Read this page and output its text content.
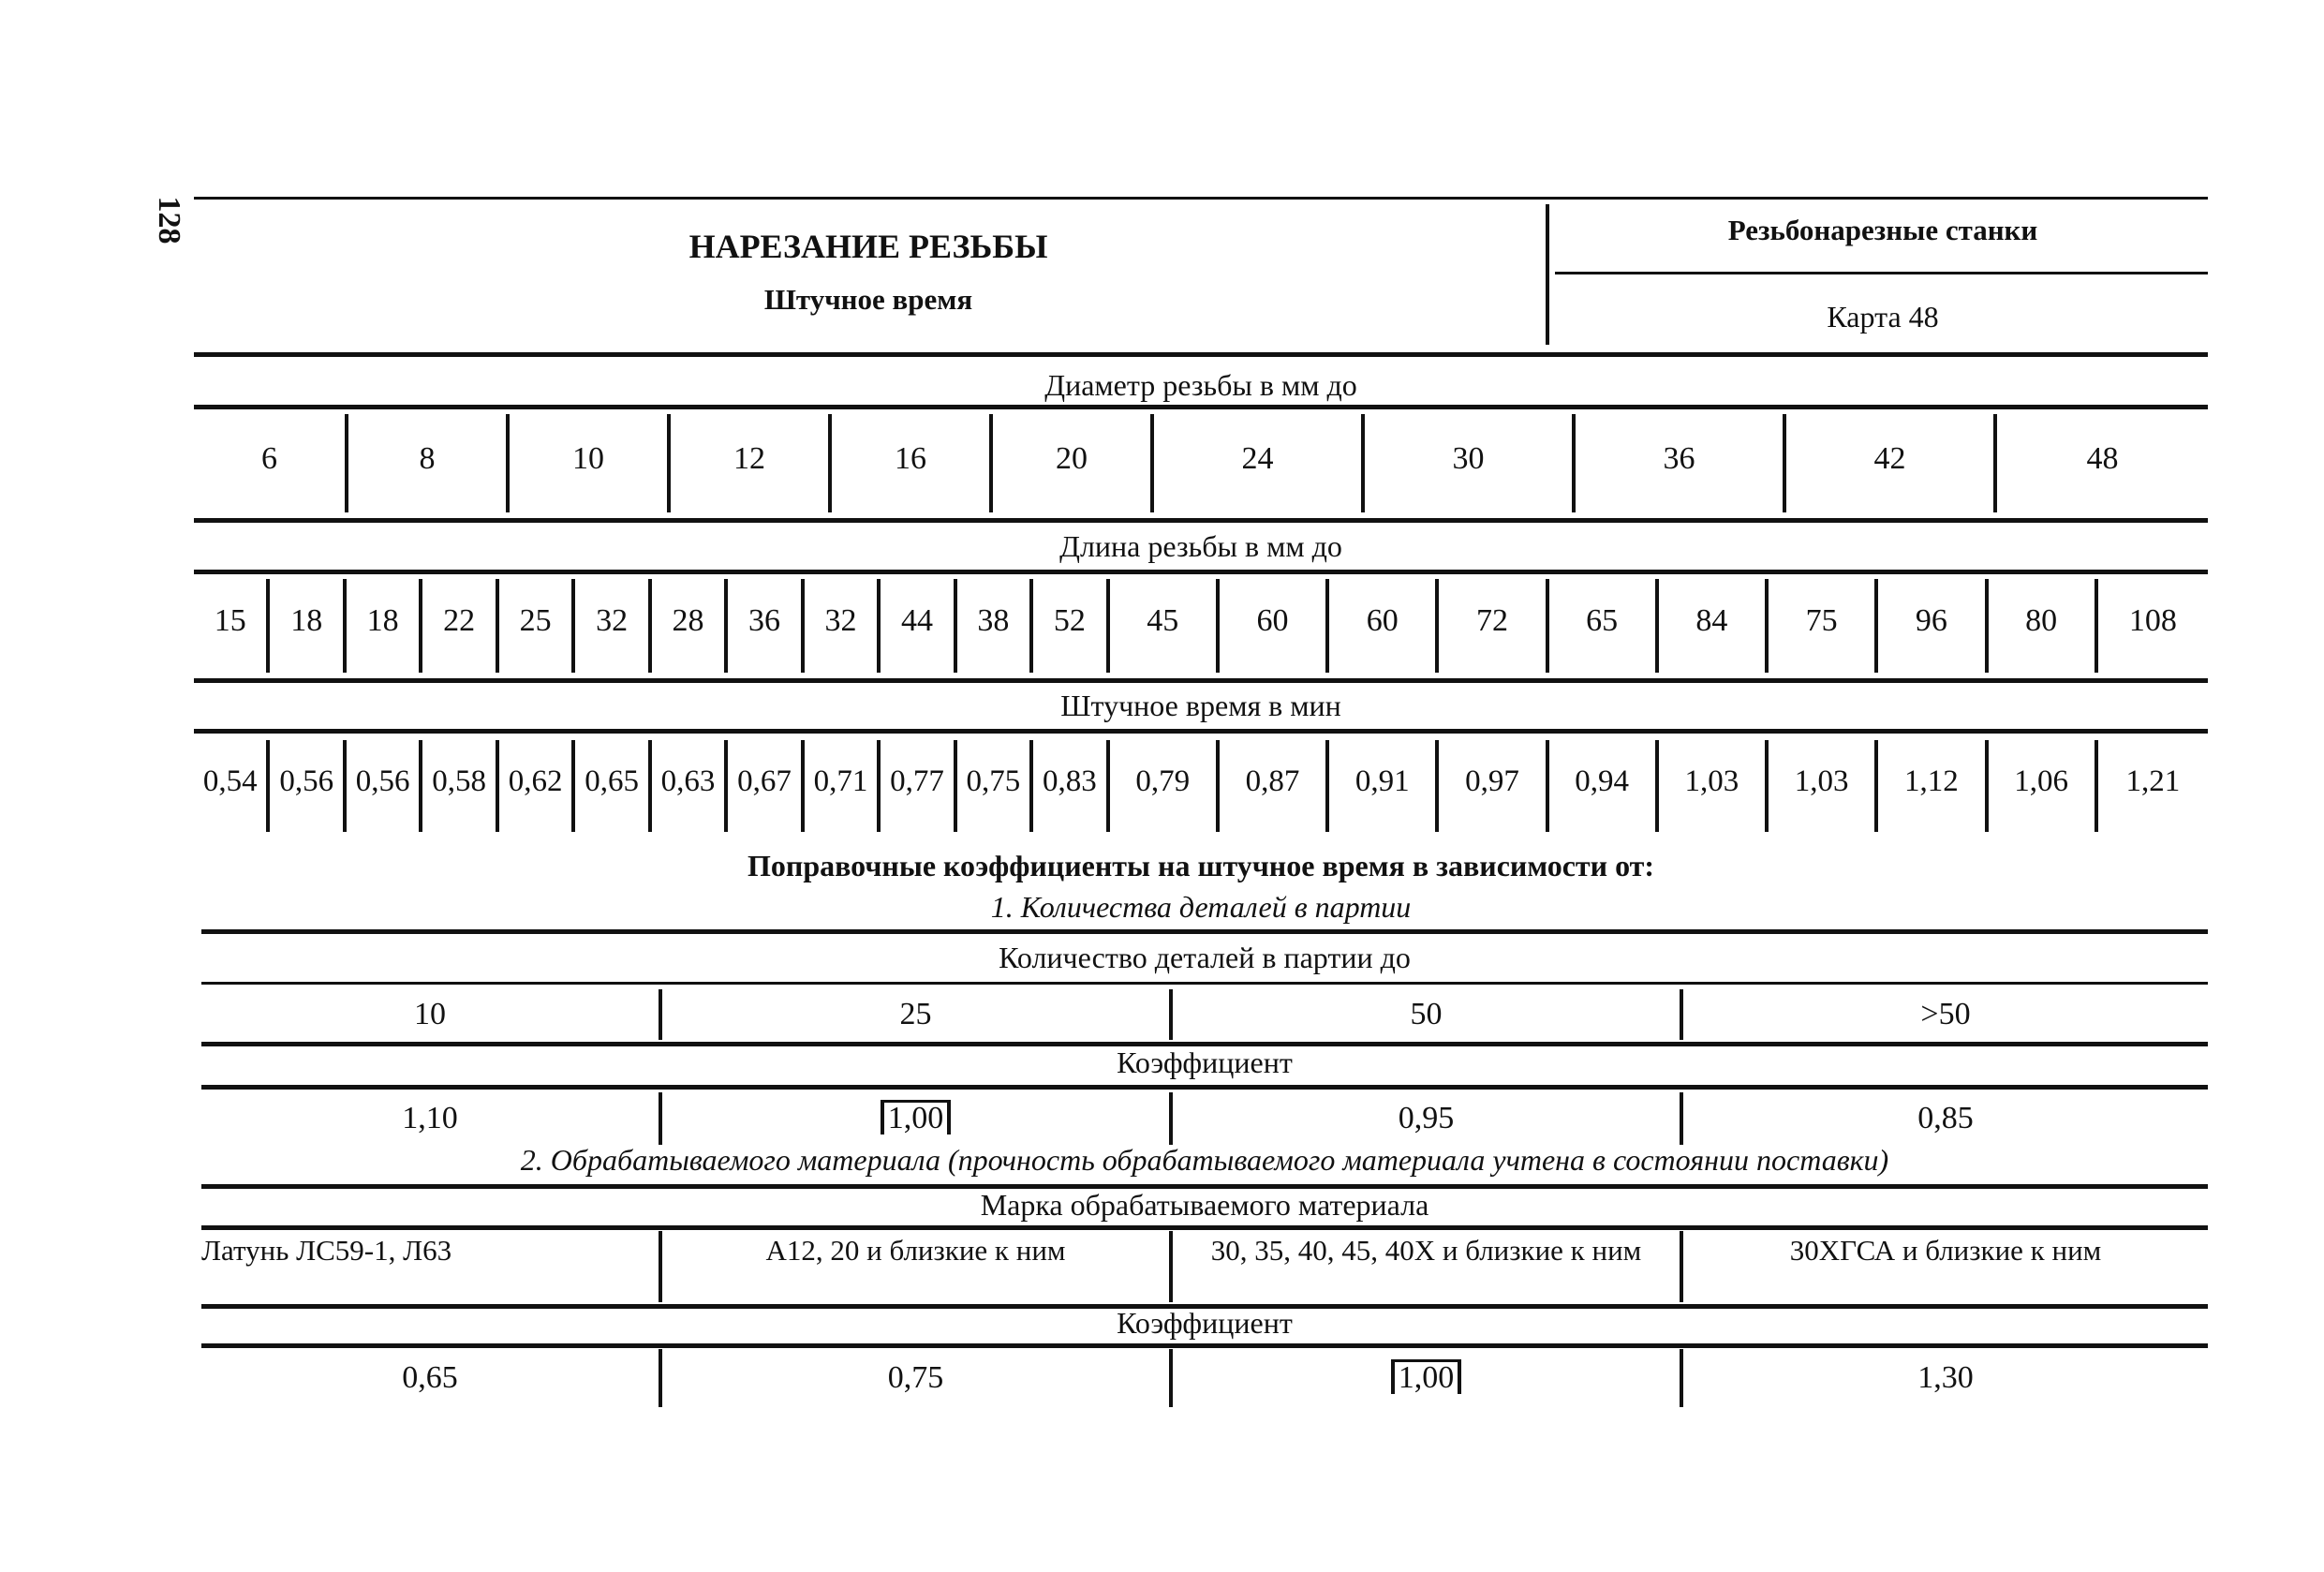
128
НАРЕЗАНИЕ РЕЗЬБЫ
Штучное время
Резьбонарезные станки
Карта 48
Диаметр резьбы в мм до
6	8	10	12	16	20	24	30	36	42	48
Длина резьбы в мм до
15	18	18	22	25	32	28	36	32	44	38	52	45	60	60	72	65	84	75	96	80	108
Штучное время в мин
0,54 0,56 0,56 0,58 0,62 0,65 0,63 0,67 0,71 0,77 0,75 0,83	0,79	0,87	0,91	0,97	0,94	1,03	1,03	1,12	1,06	1,21
Поправочные коэффициенты на штучное время в зависимости от:
1. Количества деталей в партии
Количество деталей в партии до
10	25	50	>50
Коэффициент
1,10	1,00	0,95	0,85
2. Обрабатываемого материала (прочность обрабатываемого материала учтена в состоянии поставки)
Марка обрабатываемого материала
Латунь ЛС59-1, Л63	А12, 20 и близкие к ним	30, 35, 40, 45, 40Х и близкие к ним	30ХГСА и близкие к ним
Коэффициент
0,65	0,75	1,00	1,30
